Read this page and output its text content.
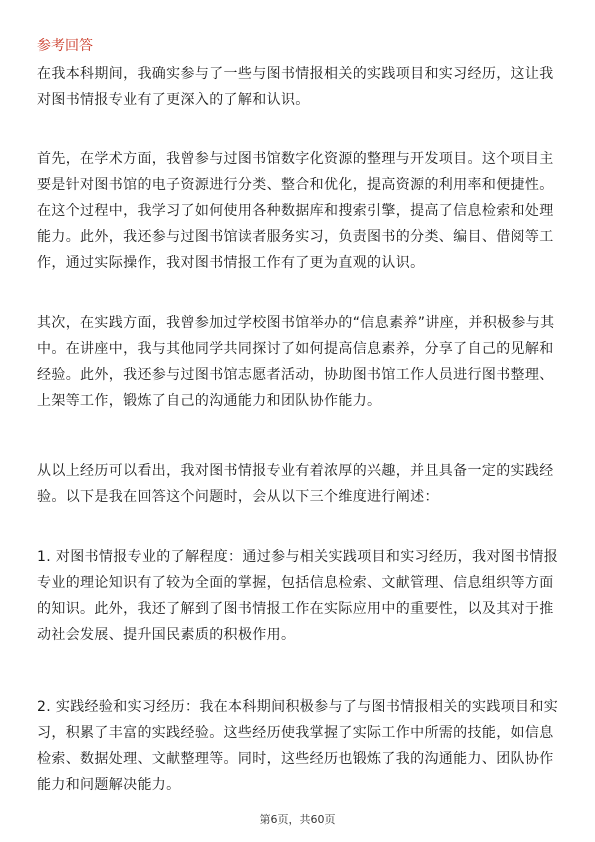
参考回答
在我本科期间，我确实参与了一些与图书情报相关的实践项目和实习经历，这让我
对图书情报专业有了更深入的了解和认识。
首先，在学术方面，我曾参与过图书馆数字化资源的整理与开发项目。这个项目主
要是针对图书馆的电子资源进行分类、整合和优化，提高资源的利用率和便捷性。
在这个过程中，我学习了如何使用各种数据库和搜索引擎，提高了信息检索和处理
能力。此外，我还参与过图书馆读者服务实习，负责图书的分类、编目、借阅等工
作，通过实际操作，我对图书情报工作有了更为直观的认识。
其次，在实践方面，我曾参加过学校图书馆举办的“信息素养”讲座，并积极参与其
中。在讲座中，我与其他同学共同探讨了如何提高信息素养，分享了自己的见解和
经验。此外，我还参与过图书馆志愿者活动，协助图书馆工作人员进行图书整理、
上架等工作，锻炼了自己的沟通能力和团队协作能力。
从以上经历可以看出，我对图书情报专业有着浓厚的兴趣，并且具备一定的实践经
验。以下是我在回答这个问题时，会从以下三个维度进行阐述：
1. 对图书情报专业的了解程度：通过参与相关实践项目和实习经历，我对图书情报
专业的理论知识有了较为全面的掌握，包括信息检索、文献管理、信息组织等方面
的知识。此外，我还了解到了图书情报工作在实际应用中的重要性，以及其对于推
动社会发展、提升国民素质的积极作用。
2. 实践经验和实习经历：我在本科期间积极参与了与图书情报相关的实践项目和实
习，积累了丰富的实践经验。这些经历使我掌握了实际工作中所需的技能，如信息
检索、数据处理、文献整理等。同时，这些经历也锻炼了我的沟通能力、团队协作
能力和问题解决能力。
第6页，共60页
